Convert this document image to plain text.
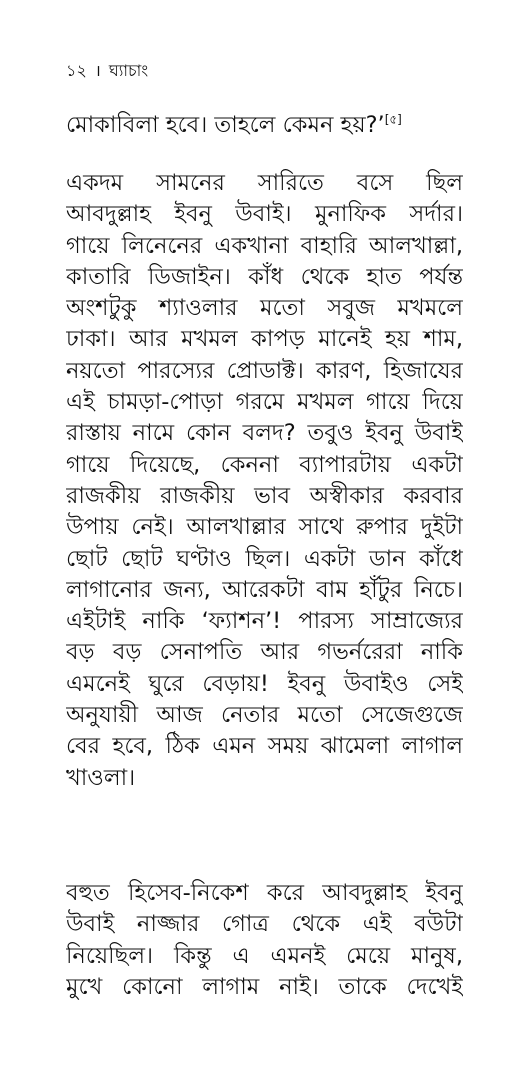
১২ । ঘ্যাচাং
মোকাবিলা হবে। তাহলে কেমন হয়?’[৫]
একদম সামনের সারিতে বসে ছিল
আবদুল্লাহ ইবনু উবাই। মুনাফিক সর্দার।
গায়ে লিনেনের একখানা বাহারি আলখাল্লা,
কাতারি ডিজাইন। কাঁধ থেকে হাত পর্যন্ত
অংশটুকু শ্যাওলার মতো সবুজ মখমলে
ঢাকা। আর মখমল কাপড় মানেই হয় শাম,
নয়তো পারস্যের প্রোডাক্ট। কারণ, হিজাযের
এই চামড়া-পোড়া গরমে মখমল গায়ে দিয়ে
রাস্তায় নামে কোন বলদ? তবুও ইবনু উবাই
গায়ে দিয়েছে, কেননা ব্যাপারটায় একটা
রাজকীয় রাজকীয় ভাব অস্বীকার করবার
উপায় নেই। আলখাল্লার সাথে রুপার দুইটা
ছোট ছোট ঘণ্টাও ছিল। একটা ডান কাঁধে
লাগানোর জন্য, আরেকটা বাম হাঁটুর নিচে।
এইটাই নাকি ‘ফ্যাশন’! পারস্য সাম্রাজ্যের
বড় বড় সেনাপতি আর গভর্নরেরা নাকি
এমনেই ঘুরে বেড়ায়! ইবনু উবাইও সেই
অনুযায়ী আজ নেতার মতো সেজেগুজে
বের হবে, ঠিক এমন সময় ঝামেলা লাগাল
খাওলা।
বহুত হিসেব-নিকেশ করে আবদুল্লাহ ইবনু
উবাই নাজ্জার গোত্র থেকে এই বউটা
নিয়েছিল। কিন্তু এ এমনই মেয়ে মানুষ,
মুখে কোনো লাগাম নাই। তাকে দেখেই
